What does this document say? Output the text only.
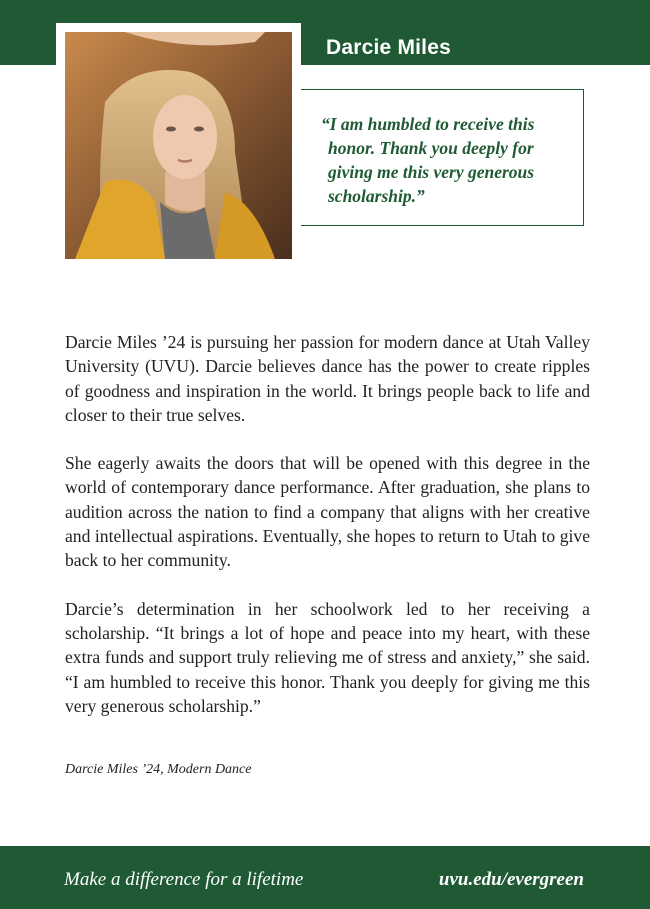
Darcie Miles
“I am humbled to receive this honor. Thank you deeply for giving me this very generous scholarship.”

Darcie Miles ’24 is pursuing her passion for modern dance at Utah Valley University (UVU). Darcie believes dance has the power to create ripples of goodness and inspiration in the world. It brings people back to life and closer to their true selves.

She eagerly awaits the doors that will be opened with this degree in the world of contemporary dance performance. After graduation, she plans to audition across the nation to find a company that aligns with her creative and intellectual aspirations. Eventually, she hopes to return to Utah to give back to her community.

Darcie’s determination in her schoolwork led to her receiving a scholarship. “It brings a lot of hope and peace into my heart, with these extra funds and support truly relieving me of stress and anxiety,” she said. “I am humbled to receive this honor. Thank you deeply for giving me this very generous scholarship.”

Darcie Miles ’24, Modern Dance
Make a difference for a lifetime	uvu.edu/evergreen
